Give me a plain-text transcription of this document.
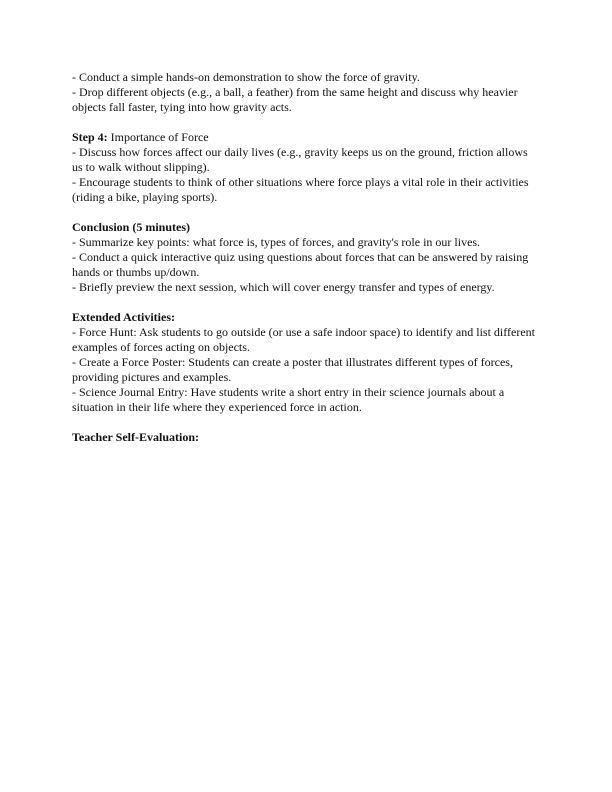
- Conduct a simple hands-on demonstration to show the force of gravity.
- Drop different objects (e.g., a ball, a feather) from the same height and discuss why heavier
objects fall faster, tying into how gravity acts.
Step 4: Importance of Force
- Discuss how forces affect our daily lives (e.g., gravity keeps us on the ground, friction allows
us to walk without slipping).
- Encourage students to think of other situations where force plays a vital role in their activities
(riding a bike, playing sports).
Conclusion (5 minutes)
- Summarize key points: what force is, types of forces, and gravity's role in our lives.
- Conduct a quick interactive quiz using questions about forces that can be answered by raising
hands or thumbs up/down.
- Briefly preview the next session, which will cover energy transfer and types of energy.
Extended Activities:
- Force Hunt: Ask students to go outside (or use a safe indoor space) to identify and list different
examples of forces acting on objects.
- Create a Force Poster: Students can create a poster that illustrates different types of forces,
providing pictures and examples.
- Science Journal Entry: Have students write a short entry in their science journals about a
situation in their life where they experienced force in action.
Teacher Self-Evaluation:
